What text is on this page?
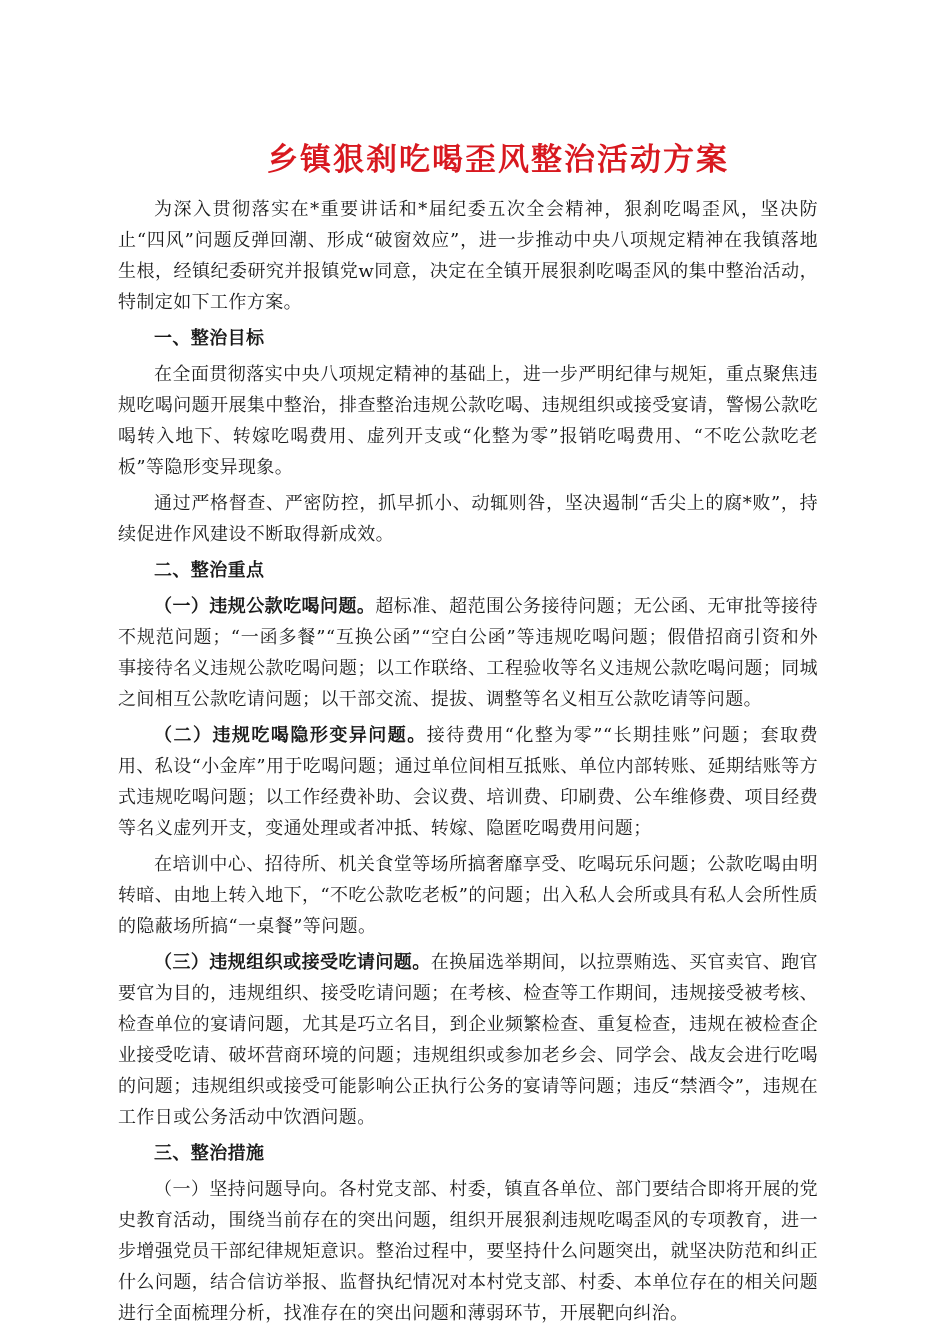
乡镇狠刹吃喝歪风整治活动方案

为深入贯彻落实在*重要讲话和*届纪委五次全会精神，狠刹吃喝歪风，坚决防止“四风”问题反弹回潮、形成“破窗效应”，进一步推动中央八项规定精神在我镇落地生根，经镇纪委研究并报镇党w同意，决定在全镇开展狠刹吃喝歪风的集中整治活动，特制定如下工作方案。

一、整治目标

在全面贯彻落实中央八项规定精神的基础上，进一步严明纪律与规矩，重点聚焦违规吃喝问题开展集中整治，排查整治违规公款吃喝、违规组织或接受宴请，警惕公款吃喝转入地下、转嫁吃喝费用、虚列开支或“化整为零”报销吃喝费用、“不吃公款吃老板”等隐形变异现象。

通过严格督查、严密防控，抓早抓小、动辄则咎，坚决遏制“舌尖上的腐*败”，持续促进作风建设不断取得新成效。

二、整治重点

（一）违规公款吃喝问题。超标准、超范围公务接待问题；无公函、无审批等接待不规范问题；“一函多餐”“互换公函”“空白公函”等违规吃喝问题；假借招商引资和外事接待名义违规公款吃喝问题；以工作联络、工程验收等名义违规公款吃喝问题；同城之间相互公款吃请问题；以干部交流、提拔、调整等名义相互公款吃请等问题。

（二）违规吃喝隐形变异问题。接待费用“化整为零”“长期挂账”问题；套取费用、私设“小金库”用于吃喝问题；通过单位间相互抵账、单位内部转账、延期结账等方式违规吃喝问题；以工作经费补助、会议费、培训费、印刷费、公车维修费、项目经费等名义虚列开支，变通处理或者冲抵、转嫁、隐匿吃喝费用问题；

在培训中心、招待所、机关食堂等场所搞奢靡享受、吃喝玩乐问题；公款吃喝由明转暗、由地上转入地下，“不吃公款吃老板”的问题；出入私人会所或具有私人会所性质的隐蔽场所搞“一桌餐”等问题。

（三）违规组织或接受吃请问题。在换届选举期间，以拉票贿选、买官卖官、跑官要官为目的，违规组织、接受吃请问题；在考核、检查等工作期间，违规接受被考核、检查单位的宴请问题，尤其是巧立名目，到企业频繁检查、重复检查，违规在被检查企业接受吃请、破坏营商环境的问题；违规组织或参加老乡会、同学会、战友会进行吃喝的问题；违规组织或接受可能影响公正执行公务的宴请等问题；违反“禁酒令”，违规在工作日或公务活动中饮酒问题。

三、整治措施

（一）坚持问题导向。各村党支部、村委，镇直各单位、部门要结合即将开展的党史教育活动，围绕当前存在的突出问题，组织开展狠刹违规吃喝歪风的专项教育，进一步增强党员干部纪律规矩意识。整治过程中，要坚持什么问题突出，就坚决防范和纠正什么问题，结合信访举报、监督执纪情况对本村党支部、村委、本单位存在的相关问题进行全面梳理分析，找准存在的突出问题和薄弱环节，开展靶向纠治。
